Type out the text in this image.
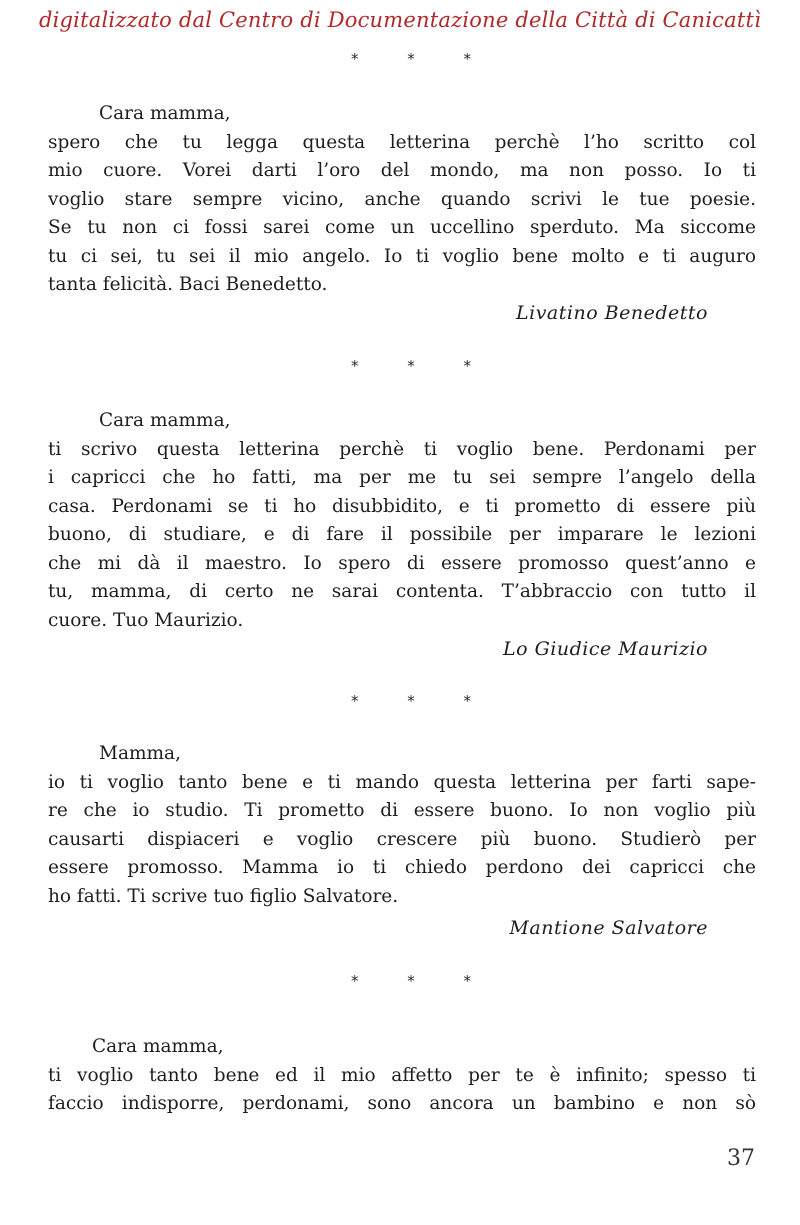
digitalizzato dal Centro di Documentazione della Città di Canicattì
* * *
Cara mamma,
spero che tu legga questa letterina perchè l’ho scritto col
mio cuore. Vorei darti l’oro del mondo, ma non posso. Io ti
voglio stare sempre vicino, anche quando scrivi le tue poesie.
Se tu non ci fossi sarei come un uccellino sperduto. Ma siccome
tu ci sei, tu sei il mio angelo. Io ti voglio bene molto e ti auguro
tanta felicità. Baci Benedetto.
Livatino Benedetto
* * *
Cara mamma,
ti scrivo questa letterina perchè ti voglio bene. Perdonami per
i capricci che ho fatti, ma per me tu sei sempre l’angelo della
casa. Perdonami se ti ho disubbidito, e ti prometto di essere più
buono, di studiare, e di fare il possibile per imparare le lezioni
che mi dà il maestro. Io spero di essere promosso quest’anno e
tu, mamma, di certo ne sarai contenta. T’abbraccio con tutto il
cuore. Tuo Maurizio.
Lo Giudice Maurizio
* * *
Mamma,
io ti voglio tanto bene e ti mando questa letterina per farti sape-
re che io studio. Ti prometto di essere buono. Io non voglio più
causarti dispiaceri e voglio crescere più buono. Studierò per
essere promosso. Mamma io ti chiedo perdono dei capricci che
ho fatti. Ti scrive tuo figlio Salvatore.
Mantione Salvatore
* * *
Cara mamma,
ti voglio tanto bene ed il mio affetto per te è infinito; spesso ti
faccio indisporre, perdonami, sono ancora un bambino e non sò
37
